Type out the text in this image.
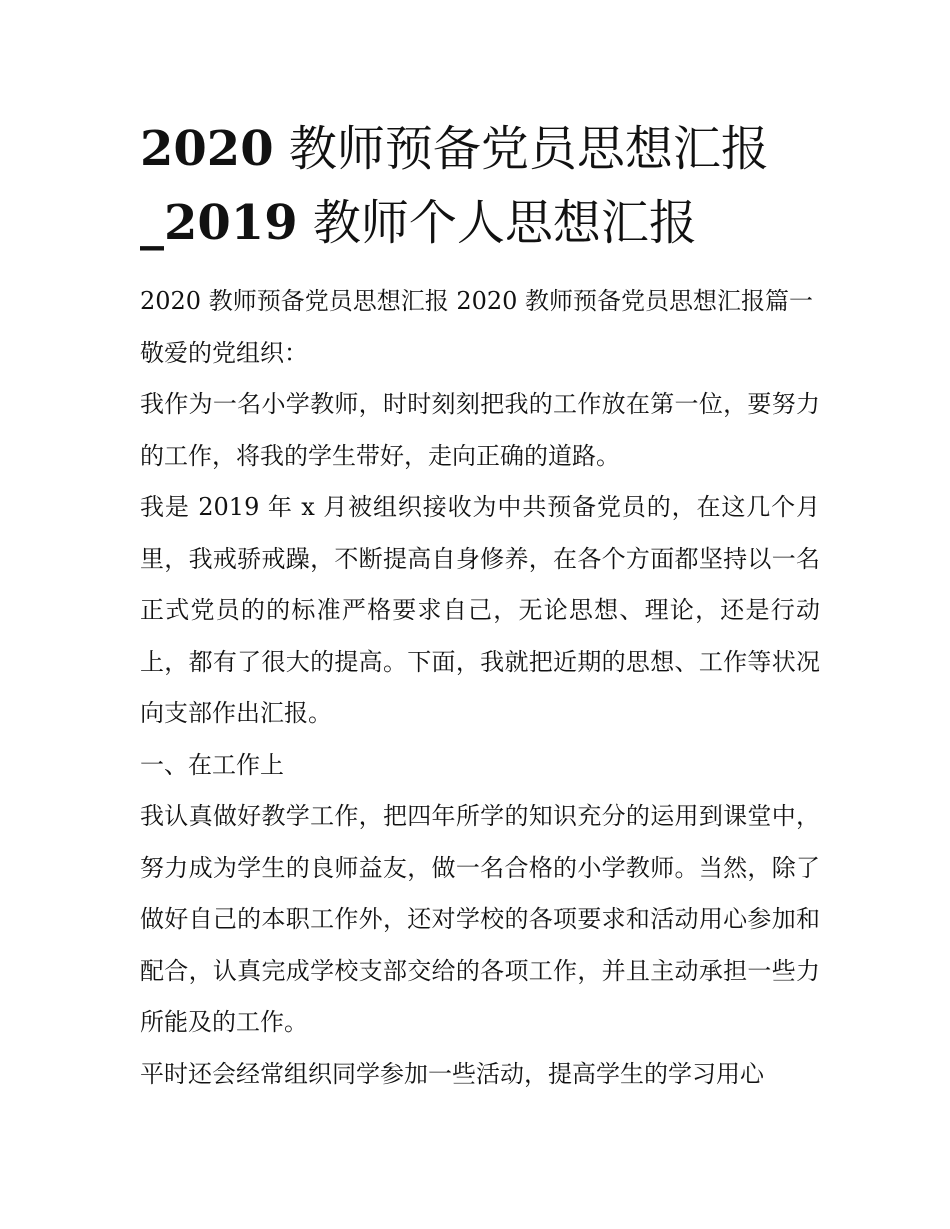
2020 教师预备党员思想汇报
_2019 教师个人思想汇报

2020 教师预备党员思想汇报 2020 教师预备党员思想汇报篇一

敬爱的党组织：

我作为一名小学教师，时时刻刻把我的工作放在第一位，要努力的工作，将我的学生带好，走向正确的道路。

我是 2019 年 x 月被组织接收为中共预备党员的，在这几个月里，我戒骄戒躁，不断提高自身修养，在各个方面都坚持以一名正式党员的的标准严格要求自己，无论思想、理论，还是行动上，都有了很大的提高。下面，我就把近期的思想、工作等状况向支部作出汇报。

一、在工作上

我认真做好教学工作，把四年所学的知识充分的运用到课堂中，努力成为学生的良师益友，做一名合格的小学教师。当然，除了做好自己的本职工作外，还对学校的各项要求和活动用心参加和配合，认真完成学校支部交给的各项工作，并且主动承担一些力所能及的工作。

平时还会经常组织同学参加一些活动，提高学生的学习用心
